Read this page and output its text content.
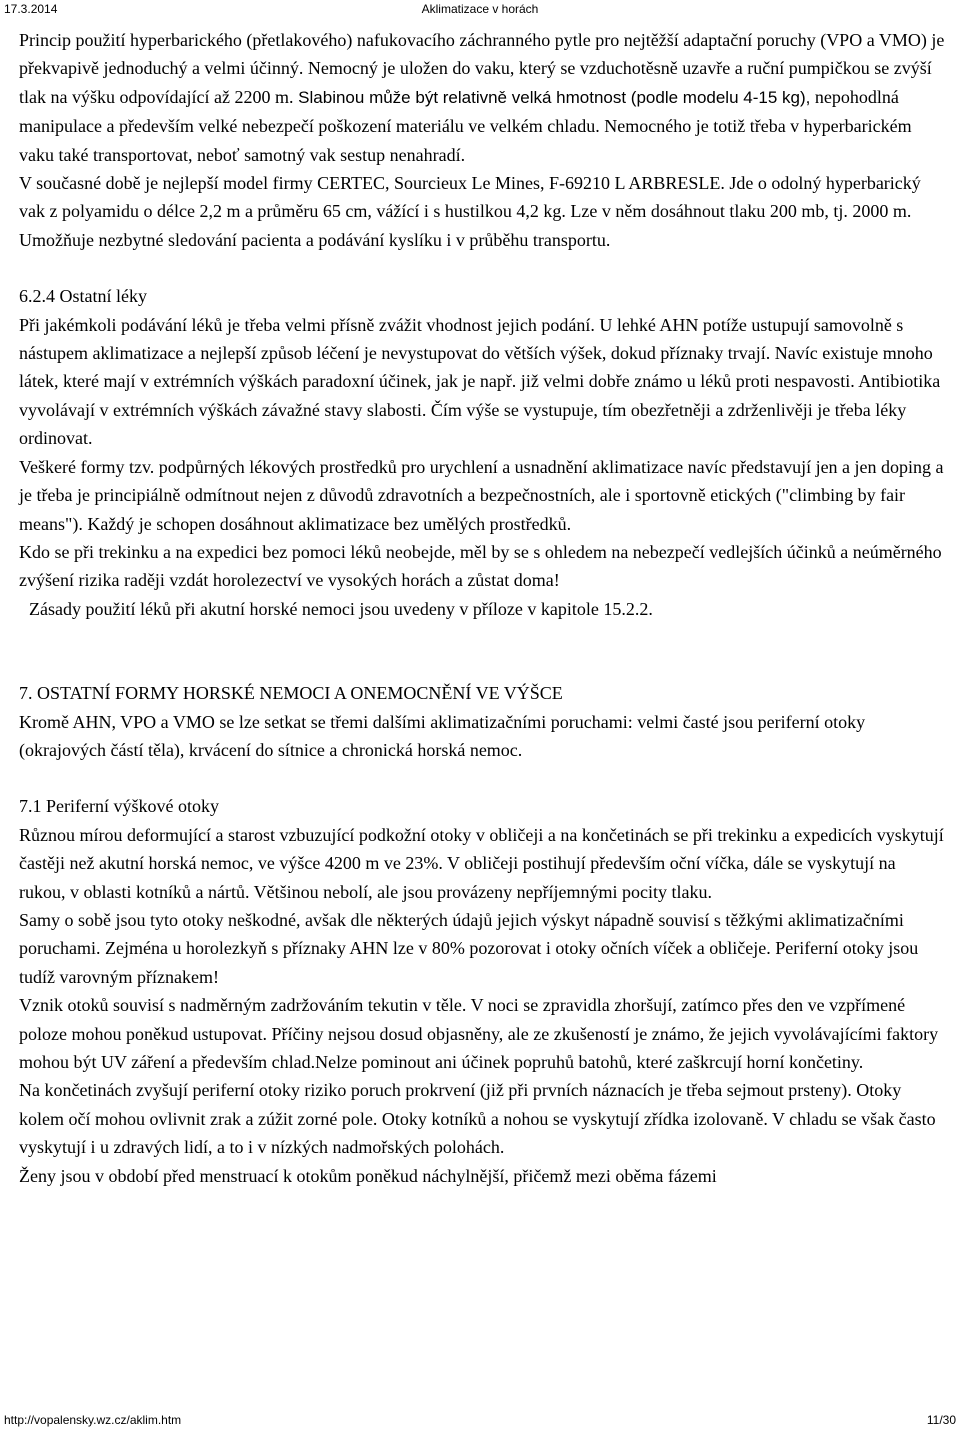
17.3.2014	Aklimatizace v horách

Princip použití hyperbarického (přetlakového) nafukovacího záchranného pytle pro nejtěžší adaptační poruchy (VPO a VMO) je překvapivě jednoduchý a velmi účinný. Nemocný je uložen do vaku, který se vzduchotěsně uzavře a ruční pumpičkou se zvýší tlak na výšku odpovídající až 2200 m. Slabinou může být relativně velká hmotnost (podle modelu 4-15 kg), nepohodlná manipulace a především velké nebezpečí poškození materiálu ve velkém chladu. Nemocného je totiž třeba v hyperbarickém vaku také transportovat, neboť samotný vak sestup nenahradí.

V současné době je nejlepší model firmy CERTEC, Sourcieux Le Mines, F-69210 L ARBRESLE. Jde o odolný hyperbarický vak z polyamidu o délce 2,2 m a průměru 65 cm, vážící i s hustilkou 4,2 kg. Lze v něm dosáhnout tlaku 200 mb, tj. 2000 m. Umožňuje nezbytné sledování pacienta a podávání kyslíku i v průběhu transportu.

6.2.4 Ostatní léky

Při jakémkoli podávání léků je třeba velmi přísně zvážit vhodnost jejich podání. U lehké AHN potíže ustupují samovolně s nástupem aklimatizace a nejlepší způsob léčení je nevystupovat do větších výšek, dokud příznaky trvají. Navíc existuje mnoho látek, které mají v extrémních výškách paradoxní účinek, jak je např. již velmi dobře známo u léků proti nespavosti. Antibiotika vyvolávají v extrémních výškách závažné stavy slabosti. Čím výše se vystupuje, tím obezřetněji a zdrženlivěji je třeba léky ordinovat.

Veškeré formy tzv. podpůrných lékových prostředků pro urychlení a usnadnění aklimatizace navíc představují jen a jen doping a je třeba je principiálně odmítnout nejen z důvodů zdravotních a bezpečnostních, ale i sportovně etických ("climbing by fair means"). Každý je schopen dosáhnout aklimatizace bez umělých prostředků.

Kdo se při trekinku a na expedici bez pomoci léků neobejde, měl by se s ohledem na nebezpečí vedlejších účinků a neúměrného zvýšení rizika raději vzdát horolezectví ve vysokých horách a zůstat doma!

Zásady použití léků při akutní horské nemoci jsou uvedeny v příloze v kapitole 15.2.2.

7. OSTATNÍ FORMY HORSKÉ NEMOCI A ONEMOCNĚNÍ VE VÝŠCE

Kromě AHN, VPO a VMO se lze setkat se třemi dalšími aklimatizačními poruchami: velmi časté jsou periferní otoky (okrajových částí těla), krvácení do sítnice a chronická horská nemoc.

7.1 Periferní výškové otoky

Různou mírou deformující a starost vzbuzující podkožní otoky v obličeji a na končetinách se při trekinku a expedicích vyskytují častěji než akutní horská nemoc, ve výšce 4200 m ve 23%. V obličeji postihují především oční víčka, dále se vyskytují na rukou, v oblasti kotníků a nártů. Většinou nebolí, ale jsou provázeny nepříjemnými pocity tlaku.

Samy o sobě jsou tyto otoky neškodné, avšak dle některých údajů jejich výskyt nápadně souvisí s těžkými aklimatizačními poruchami. Zejména u horolezkyň s příznaky AHN lze v 80% pozorovat i otoky očních víček a obličeje. Periferní otoky jsou tudíž varovným příznakem!

Vznik otoků souvisí s nadměrným zadržováním tekutin v těle. V noci se zpravidla zhoršují, zatímco přes den ve vzpřímené poloze mohou poněkud ustupovat. Příčiny nejsou dosud objasněny, ale ze zkušeností je známo, že jejich vyvolávajícími faktory mohou být UV záření a především chlad.Nelze pominout ani účinek popruhů batohů, které zaškrcují horní končetiny.

Na končetinách zvyšují periferní otoky riziko poruch prokrvení (již při prvních náznacích je třeba sejmout prsteny). Otoky kolem očí mohou ovlivnit zrak a zúžit zorné pole. Otoky kotníků a nohou se vyskytují zřídka izolovaně. V chladu se však často vyskytují i u zdravých lidí, a to i v nízkých nadmořských polohách.

Ženy jsou v období před menstruací k otokům poněkud náchylnější, přičemž mezi oběma fázemi

http://vopalensky.wz.cz/aklim.htm	11/30
